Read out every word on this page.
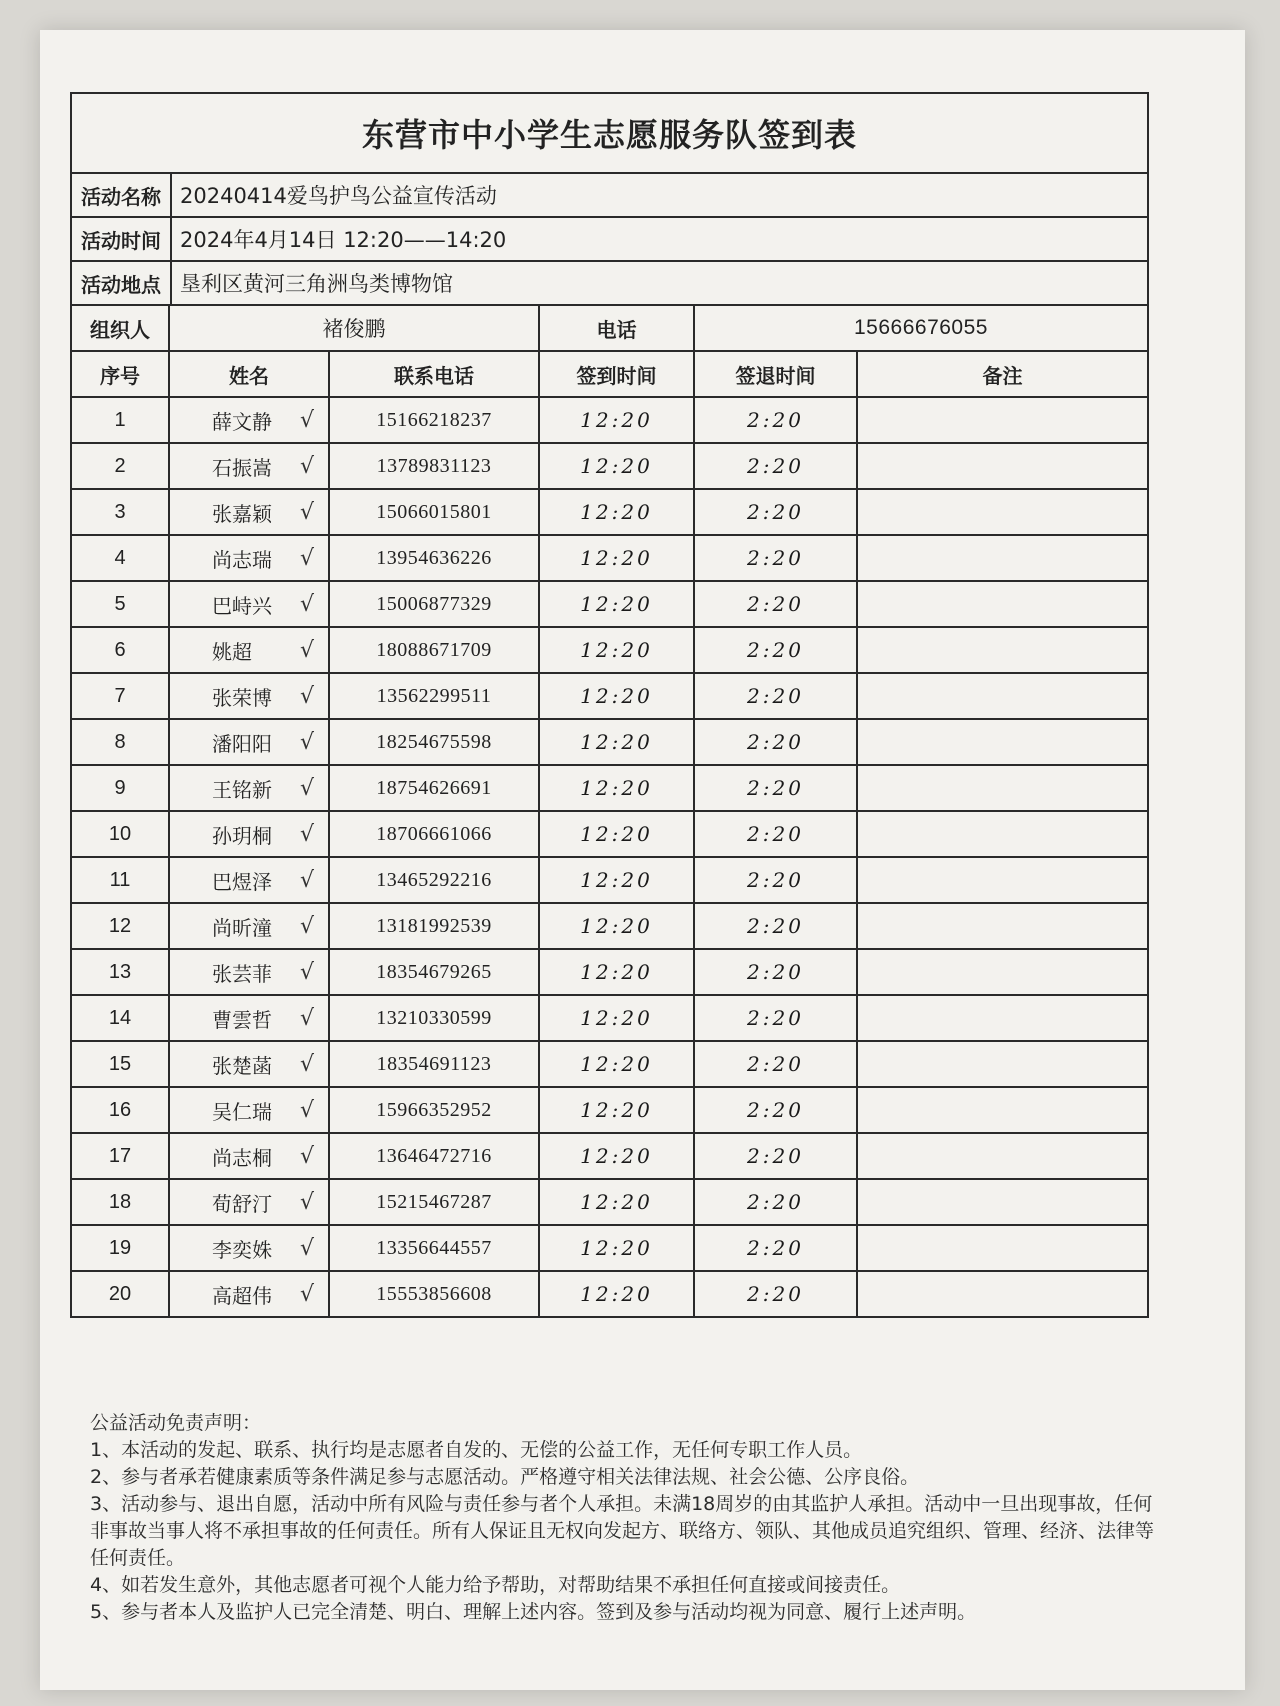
东营市中小学生志愿服务队签到表
活动名称 20240414爱鸟护鸟公益宣传活动
活动时间 2024年4月14日 12:20——14:20
活动地点 垦利区黄河三角洲鸟类博物馆
组织人	褚俊鹏	电话	15666676055
序号	姓名	联系电话	签到时间	签退时间	备注
1	薛文静 √	15166218237	12:20	2:20
2	石振嵩 √	13789831123	12:20	2:20
3	张嘉颖 √	15066015801	12:20	2:20
4	尚志瑞 √	13954636226	12:20	2:20
5	巴峙兴 √	15006877329	12:20	2:20
6	姚超 √	18088671709	12:20	2:20
7	张荣博 √	13562299511	12:20	2:20
8	潘阳阳 √	18254675598	12:20	2:20
9	王铭新 √	18754626691	12:20	2:20
10	孙玥桐 √	18706661066	12:20	2:20
11	巴煜泽 √	13465292216	12:20	2:20
12	尚昕潼 √	13181992539	12:20	2:20
13	张芸菲 √	18354679265	12:20	2:20
14	曹雲哲 √	13210330599	12:20	2:20
15	张楚菡 √	18354691123	12:20	2:20
16	吴仁瑞 √	15966352952	12:20	2:20
17	尚志桐 √	13646472716	12:20	2:20
18	荀舒汀 √	15215467287	12:20	2:20
19	李奕姝 √	13356644557	12:20	2:20
20	高超伟 √	15553856608	12:20	2:20

公益活动免责声明：

1、本活动的发起、联系、执行均是志愿者自发的、无偿的公益工作，无任何专职工作人员。

2、参与者承若健康素质等条件满足参与志愿活动。严格遵守相关法律法规、社会公德、公序良俗。

3、活动参与、退出自愿，活动中所有风险与责任参与者个人承担。未满18周岁的由其监护人承担。活动中一旦出现事故，任何非事故当事人将不承担事故的任何责任。所有人保证且无权向发起方、联络方、领队、其他成员追究组织、管理、经济、法律等任何责任。

4、如若发生意外，其他志愿者可视个人能力给予帮助，对帮助结果不承担任何直接或间接责任。

5、参与者本人及监护人已完全清楚、明白、理解上述内容。签到及参与活动均视为同意、履行上述声明。
